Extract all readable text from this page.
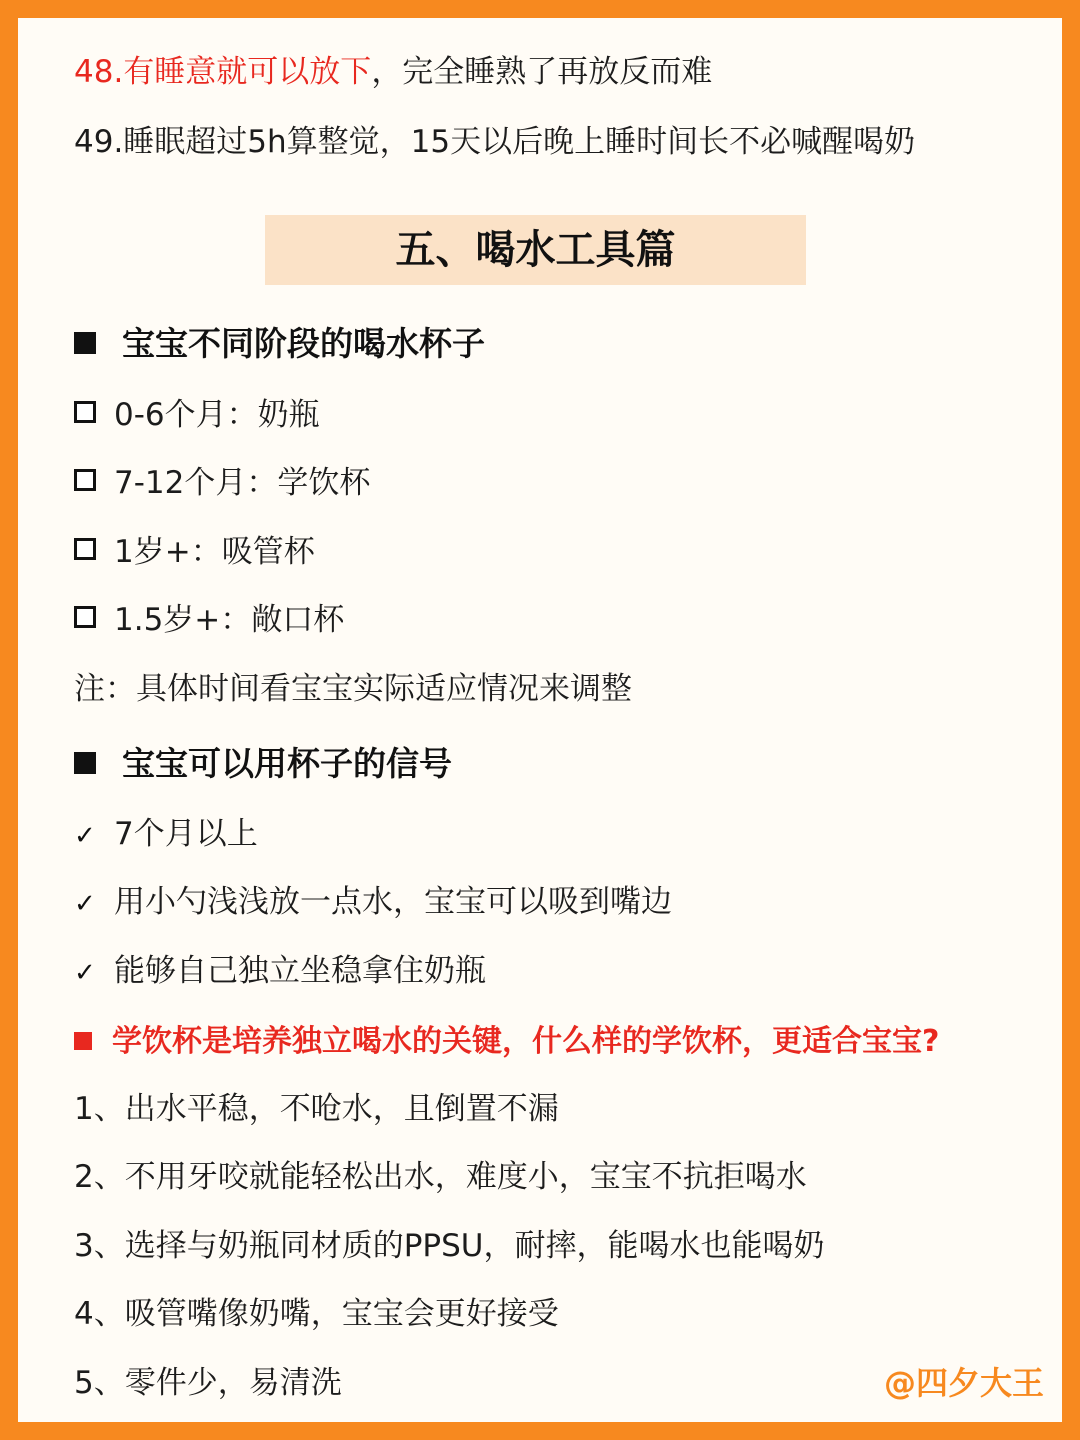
48.有睡意就可以放下，完全睡熟了再放反而难
49.睡眠超过5h算整觉，15天以后晚上睡时间长不必喊醒喝奶
五、喝水工具篇
宝宝不同阶段的喝水杯子
0-6个月：奶瓶
7-12个月：学饮杯
1岁+：吸管杯
1.5岁+：敞口杯
注：具体时间看宝宝实际适应情况来调整
宝宝可以用杯子的信号
✓ 7个月以上
✓ 用小勺浅浅放一点水，宝宝可以吸到嘴边
✓ 能够自己独立坐稳拿住奶瓶
学饮杯是培养独立喝水的关键，什么样的学饮杯，更适合宝宝?
1、出水平稳，不呛水，且倒置不漏
2、不用牙咬就能轻松出水，难度小，宝宝不抗拒喝水
3、选择与奶瓶同材质的PPSU，耐摔，能喝水也能喝奶
4、吸管嘴像奶嘴，宝宝会更好接受
5、零件少，易清洗	@四夕大王
